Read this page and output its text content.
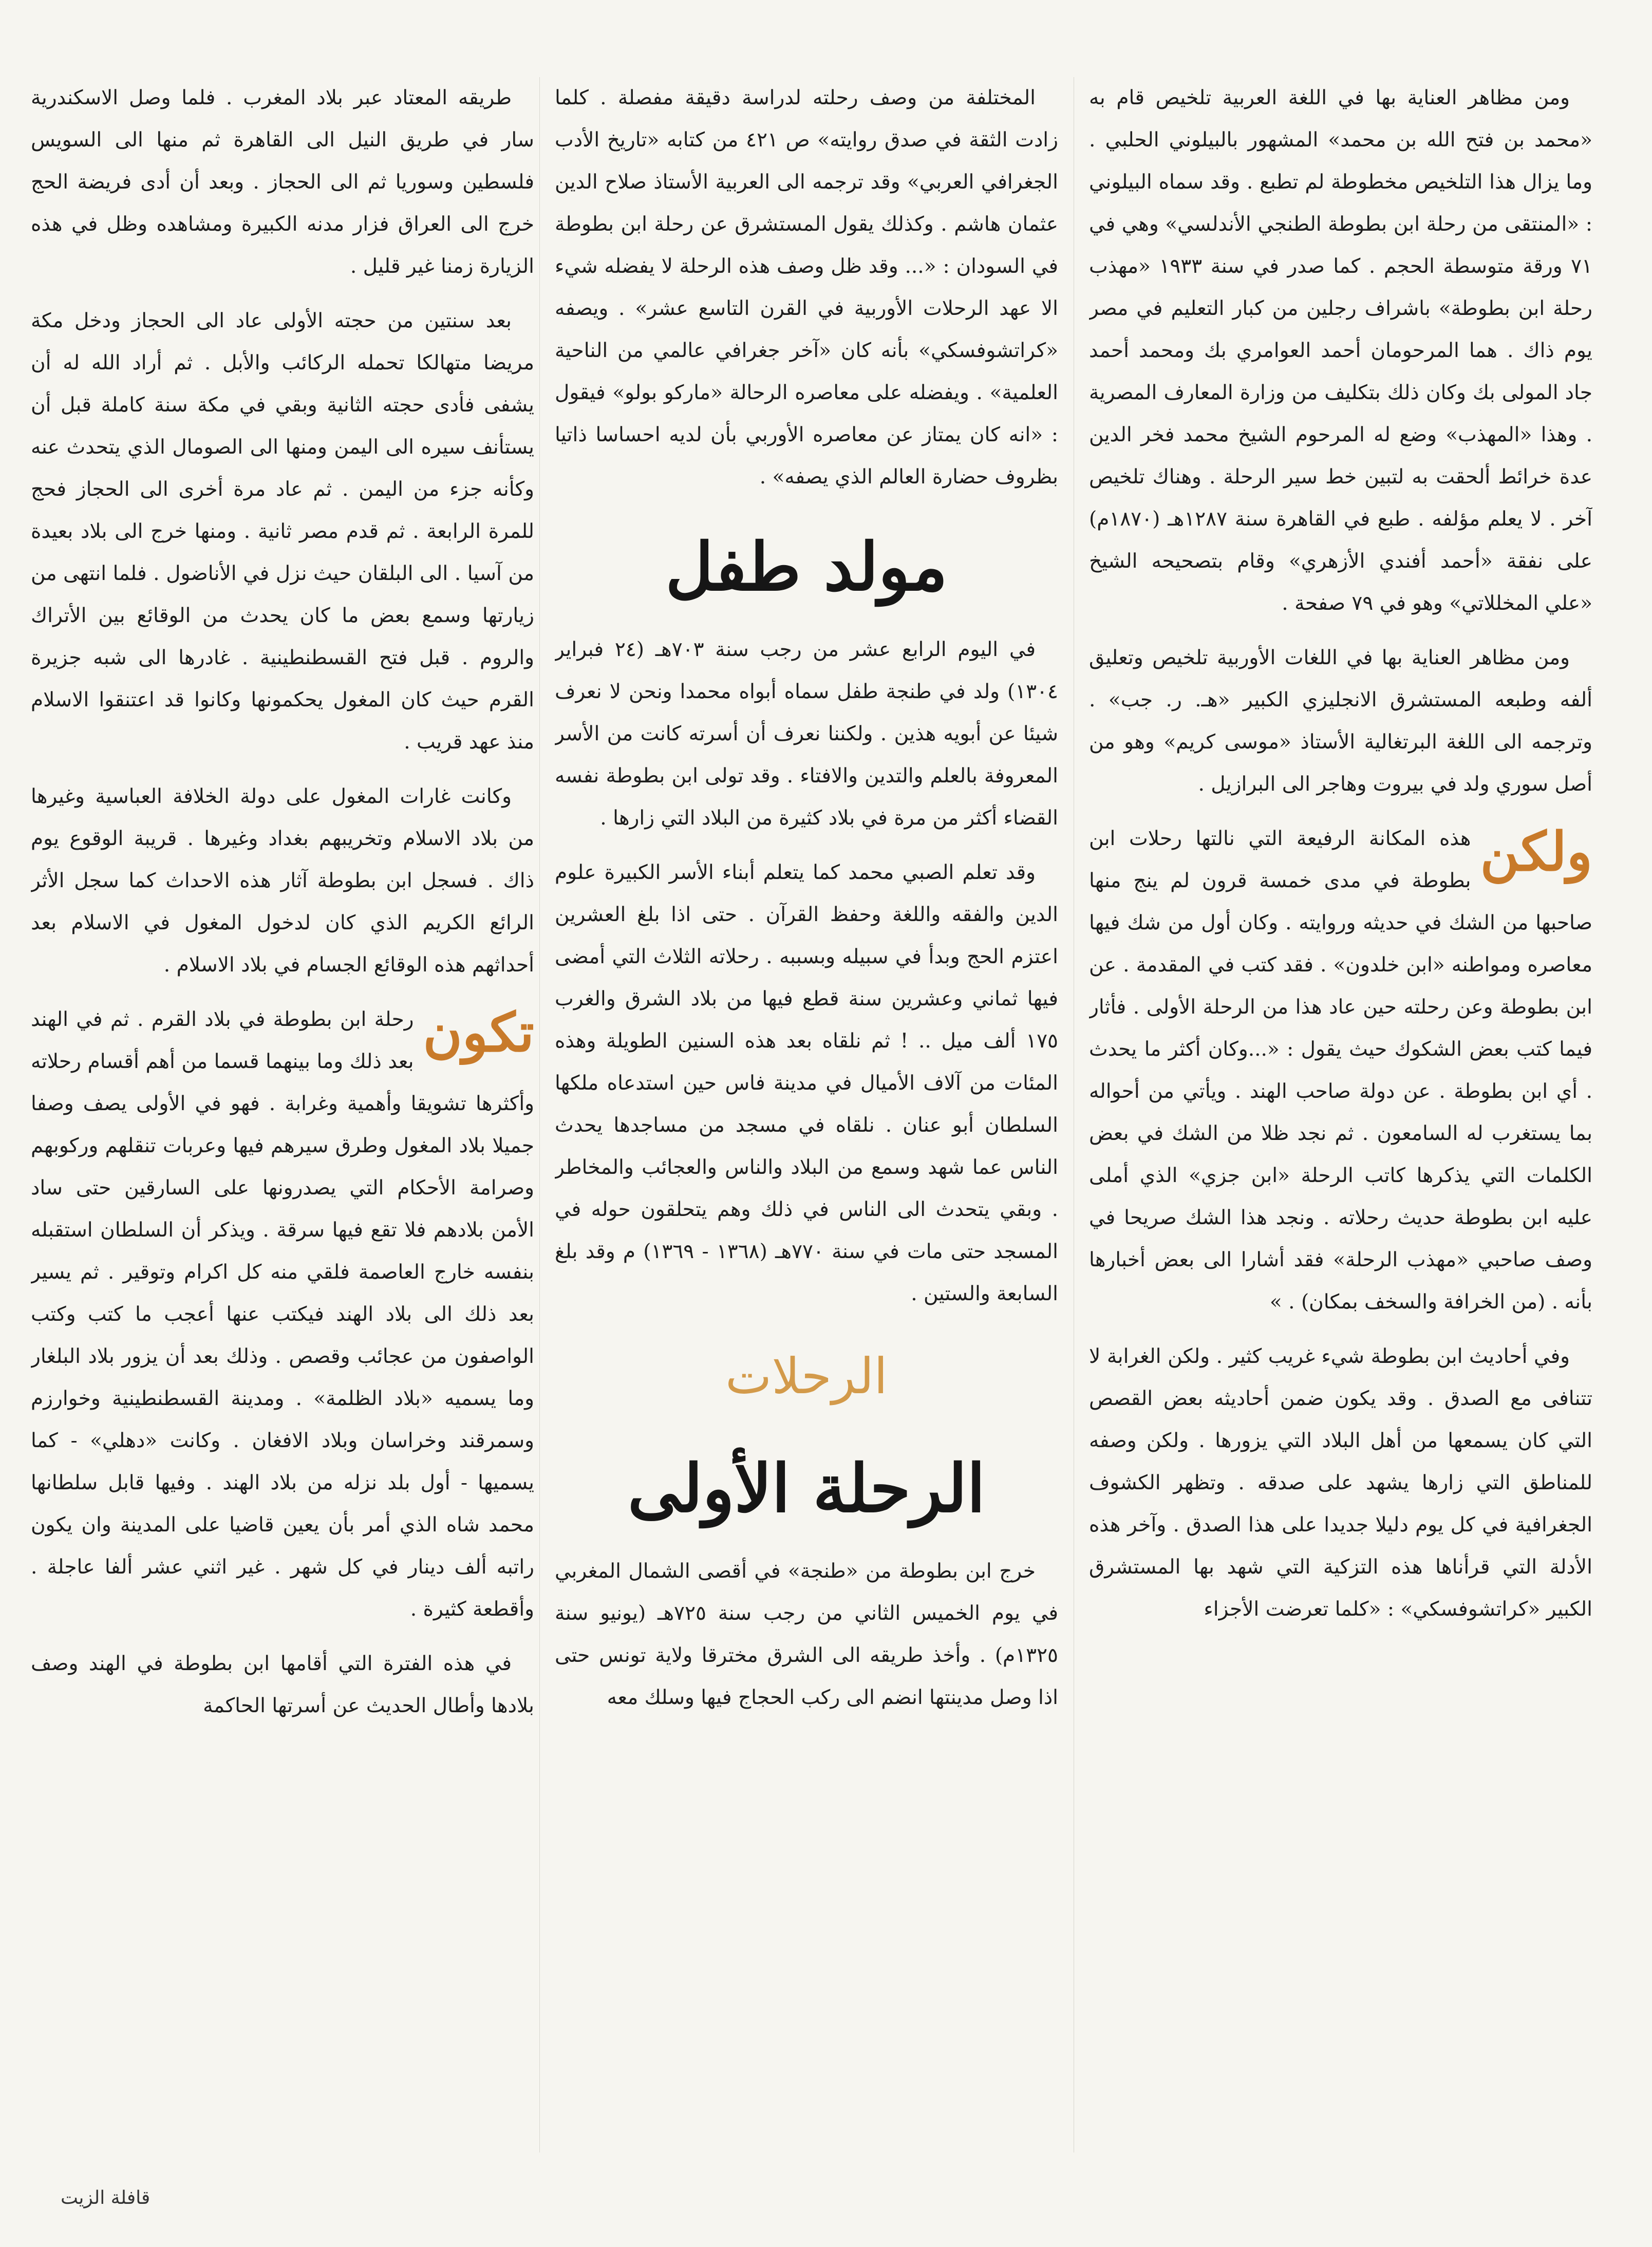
ومن مظاهر العناية بها في اللغة العربية تلخيص قام به «محمد بن فتح الله بن محمد» المشهور بالبيلوني الحلبي . وما يزال هذا التلخيص مخطوطة لم تطبع . وقد سماه البيلوني : «المنتقى من رحلة ابن بطوطة الطنجي الأندلسي» وهي في ٧١ ورقة متوسطة الحجم . كما صدر في سنة ١٩٣٣ «مهذب رحلة ابن بطوطة» باشراف رجلين من كبار التعليم في مصر يوم ذاك . هما المرحومان أحمد العوامري بك ومحمد أحمد جاد المولى بك وكان ذلك بتكليف من وزارة المعارف المصرية . وهذا «المهذب» وضع له المرحوم الشيخ محمد فخر الدين عدة خرائط ألحقت به لتبين خط سير الرحلة . وهناك تلخيص آخر . لا يعلم مؤلفه . طبع في القاهرة سنة ١٢٨٧هـ (١٨٧٠م) على نفقة «أحمد أفندي الأزهري» وقام بتصحيحه الشيخ «علي المخللاتي» وهو في ٧٩ صفحة .

ومن مظاهر العناية بها في اللغات الأوربية تلخيص وتعليق ألفه وطبعه المستشرق الانجليزي الكبير «هـ. ر. جب» . وترجمه الى اللغة البرتغالية الأستاذ «موسى كريم» وهو من أصل سوري ولد في بيروت وهاجر الى البرازيل .

ولكن
هذه المكانة الرفيعة التي نالتها رحلات ابن بطوطة في مدى خمسة قرون لم ينج منها صاحبها من الشك في حديثه وروايته . وكان أول من شك فيها معاصره ومواطنه «ابن خلدون» . فقد كتب في المقدمة . عن ابن بطوطة وعن رحلته حين عاد هذا من الرحلة الأولى . فأثار فيما كتب بعض الشكوك حيث يقول : «...وكان أكثر ما يحدث . أي ابن بطوطة . عن دولة صاحب الهند . ويأتي من أحواله بما يستغرب له السامعون . ثم نجد ظلا من الشك في بعض الكلمات التي يذكرها كاتب الرحلة «ابن جزي» الذي أملى عليه ابن بطوطة حديث رحلاته . ونجد هذا الشك صريحا في وصف صاحبي «مهذب الرحلة» فقد أشارا الى بعض أخبارها بأنه . (من الخرافة والسخف بمكان) . »

وفي أحاديث ابن بطوطة شيء غريب كثير . ولكن الغرابة لا تتنافى مع الصدق . وقد يكون ضمن أحاديثه بعض القصص التي كان يسمعها من أهل البلاد التي يزورها . ولكن وصفه للمناطق التي زارها يشهد على صدقه . وتظهر الكشوف الجغرافية في كل يوم دليلا جديدا على هذا الصدق . وآخر هذه الأدلة التي قرأناها هذه التزكية التي شهد بها المستشرق الكبير «كراتشوفسكي» : «كلما تعرضت الأجزاء

المختلفة من وصف رحلته لدراسة دقيقة مفصلة . كلما زادت الثقة في صدق روايته» ص ٤٢١ من كتابه «تاريخ الأدب الجغرافي العربي» وقد ترجمه الى العربية الأستاذ صلاح الدين عثمان هاشم . وكذلك يقول المستشرق عن رحلة ابن بطوطة في السودان : «... وقد ظل وصف هذه الرحلة لا يفضله شيء الا عهد الرحلات الأوربية في القرن التاسع عشر» . ويصفه «كراتشوفسكي» بأنه كان «آخر جغرافي عالمي من الناحية العلمية» . ويفضله على معاصره الرحالة «ماركو بولو» فيقول : «انه كان يمتاز عن معاصره الأوربي بأن لديه احساسا ذاتيا بظروف حضارة العالم الذي يصفه» .

مولد طفل

في اليوم الرابع عشر من رجب سنة ٧٠٣هـ (٢٤ فبراير ١٣٠٤) ولد في طنجة طفل سماه أبواه محمدا ونحن لا نعرف شيئا عن أبويه هذين . ولكننا نعرف أن أسرته كانت من الأسر المعروفة بالعلم والتدين والافتاء . وقد تولى ابن بطوطة نفسه القضاء أكثر من مرة في بلاد كثيرة من البلاد التي زارها .

وقد تعلم الصبي محمد كما يتعلم أبناء الأسر الكبيرة علوم الدين والفقه واللغة وحفظ القرآن . حتى اذا بلغ العشرين اعتزم الحج وبدأ في سبيله وبسببه . رحلاته الثلاث التي أمضى فيها ثماني وعشرين سنة قطع فيها من بلاد الشرق والغرب ١٧٥ ألف ميل .. ! ثم نلقاه بعد هذه السنين الطويلة وهذه المئات من آلاف الأميال في مدينة فاس حين استدعاه ملكها السلطان أبو عنان . نلقاه في مسجد من مساجدها يحدث الناس عما شهد وسمع من البلاد والناس والعجائب والمخاطر . وبقي يتحدث الى الناس في ذلك وهم يتحلقون حوله في المسجد حتى مات في سنة ٧٧٠هـ (١٣٦٨ - ١٣٦٩) م وقد بلغ السابعة والستين .

الرحلات
الرحلة الأولى

خرج ابن بطوطة من «طنجة» في أقصى الشمال المغربي في يوم الخميس الثاني من رجب سنة ٧٢٥هـ (يونيو سنة ١٣٢٥م) . وأخذ طريقه الى الشرق مخترقا ولاية تونس حتى اذا وصل مدينتها انضم الى ركب الحجاج فيها وسلك معه

طريقه المعتاد عبر بلاد المغرب . فلما وصل الاسكندرية سار في طريق النيل الى القاهرة ثم منها الى السويس فلسطين وسوريا ثم الى الحجاز . وبعد أن أدى فريضة الحج خرج الى العراق فزار مدنه الكبيرة ومشاهده وظل في هذه الزيارة زمنا غير قليل .

بعد سنتين من حجته الأولى عاد الى الحجاز ودخل مكة مريضا متهالكا تحمله الركائب والأبل . ثم أراد الله له أن يشفى فأدى حجته الثانية وبقي في مكة سنة كاملة قبل أن يستأنف سيره الى اليمن ومنها الى الصومال الذي يتحدث عنه وكأنه جزء من اليمن . ثم عاد مرة أخرى الى الحجاز فحج للمرة الرابعة . ثم قدم مصر ثانية . ومنها خرج الى بلاد بعيدة من آسيا . الى البلقان حيث نزل في الأناضول . فلما انتهى من زيارتها وسمع بعض ما كان يحدث من الوقائع بين الأتراك والروم . قبل فتح القسطنطينية . غادرها الى شبه جزيرة القرم حيث كان المغول يحكمونها وكانوا قد اعتنقوا الاسلام منذ عهد قريب .

وكانت غارات المغول على دولة الخلافة العباسية وغيرها من بلاد الاسلام وتخريبهم بغداد وغيرها . قريبة الوقوع يوم ذاك . فسجل ابن بطوطة آثار هذه الاحداث كما سجل الأثر الرائع الكريم الذي كان لدخول المغول في الاسلام بعد أحداثهم هذه الوقائع الجسام في بلاد الاسلام .

تكون
رحلة ابن بطوطة في بلاد القرم . ثم في الهند بعد ذلك وما بينهما قسما من أهم أقسام رحلاته وأكثرها تشويقا وأهمية وغرابة . فهو في الأولى يصف وصفا جميلا بلاد المغول وطرق سيرهم فيها وعربات تنقلهم وركوبهم وصرامة الأحكام التي يصدرونها على السارقين حتى ساد الأمن بلادهم فلا تقع فيها سرقة . ويذكر أن السلطان استقبله بنفسه خارج العاصمة فلقي منه كل اكرام وتوقير . ثم يسير بعد ذلك الى بلاد الهند فيكتب عنها أعجب ما كتب وكتب الواصفون من عجائب وقصص . وذلك بعد أن يزور بلاد البلغار وما يسميه «بلاد الظلمة» . ومدينة القسطنطينية وخوارزم وسمرقند وخراسان وبلاد الافغان . وكانت «دهلي» - كما يسميها - أول بلد نزله من بلاد الهند . وفيها قابل سلطانها محمد شاه الذي أمر بأن يعين قاضيا على المدينة وان يكون راتبه ألف دينار في كل شهر . غير اثني عشر ألفا عاجلة . وأقطعة كثيرة .

في هذه الفترة التي أقامها ابن بطوطة في الهند وصف بلادها وأطال الحديث عن أسرتها الحاكمة

قافلة الزيت
